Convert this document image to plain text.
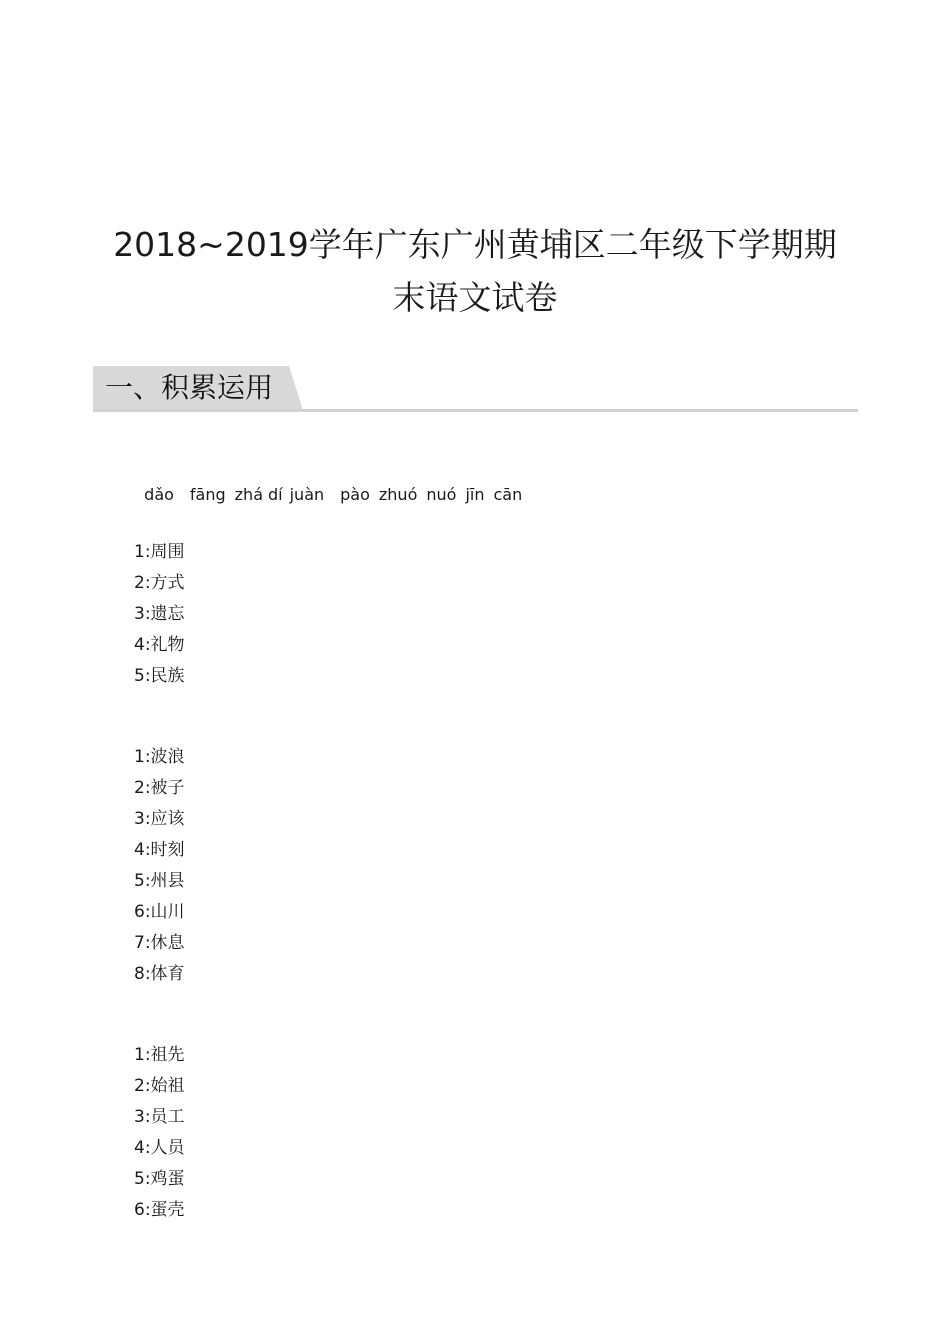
2018~2019学年广东广州黄埔区二年级下学期期
末语文试卷
一、积累运用

dǎo fāng zhá dí juàn pào zhuó nuó jīn cān

1:周围
2:方式
3:遗忘
4:礼物
5:民族
1:波浪
2:被子
3:应该
4:时刻
5:州县
6:山川
7:休息
8:体育
1:祖先
2:始祖
3:员工
4:人员
5:鸡蛋
6:蛋壳
